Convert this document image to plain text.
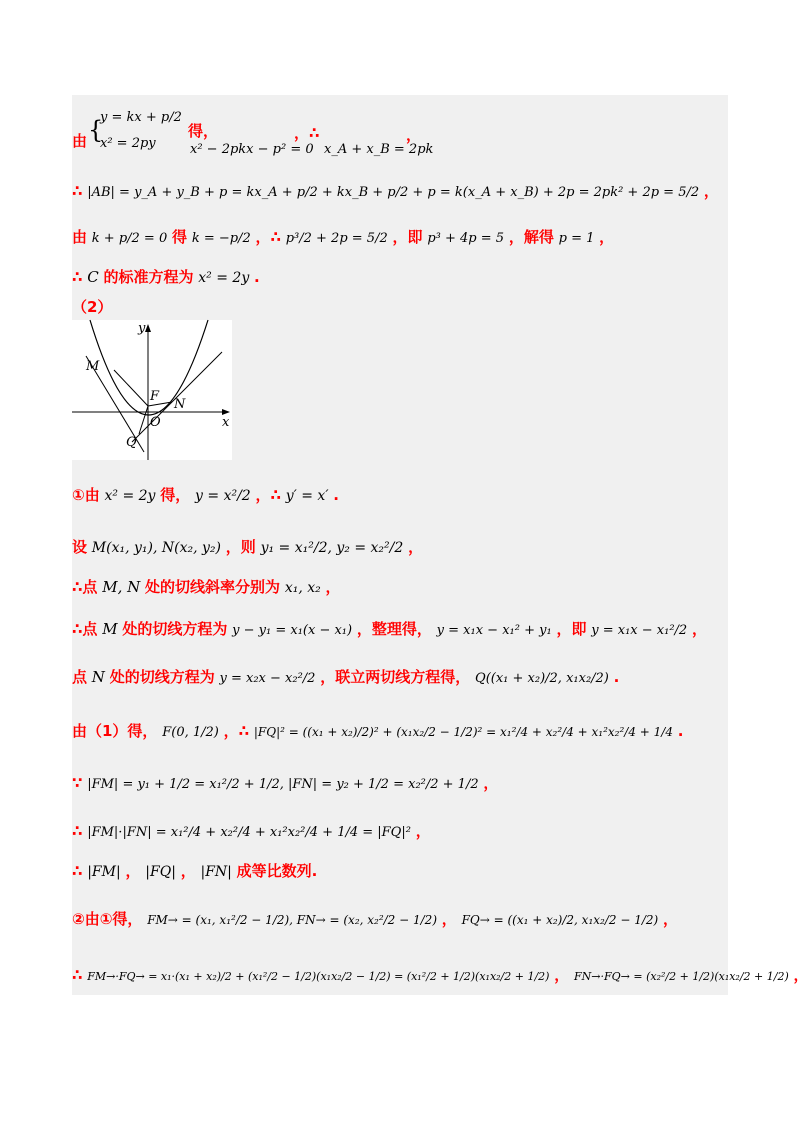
由 {
y = kx + p/2
得，
x² = 2py	x² − 2pkx − p² = 0
，∴
x_A + x_B = 2pk
，
∴ |AB| = y_A + y_B + p = kx_A + p/2 + kx_B + p/2 + p = k(x_A + x_B) + 2p = 2pk² + 2p = 5/2 ，
由 k + p/2 = 0 得 k = −p/2 ，∴ p³/2 + 2p = 5/2 ，即 p³ + 4p = 5 ，解得 p = 1 ，
∴ C 的标准方程为 x² = 2y .
（2）
x
y
M
N
F
O
Q
①由 x² = 2y 得， y = x²/2 ，∴ y′ = x′ .
设 M(x₁, y₁), N(x₂, y₂) ，则 y₁ = x₁²/2, y₂ = x₂²/2 ，
∴点 M, N 处的切线斜率分别为 x₁, x₂ ，
∴点 M 处的切线方程为 y − y₁ = x₁(x − x₁) ，整理得， y = x₁x − x₁² + y₁ ，即 y = x₁x − x₁²/2 ，
点 N 处的切线方程为 y = x₂x − x₂²/2 ，联立两切线方程得， Q((x₁ + x₂)/2, x₁x₂/2) .
由（1）得， F(0, 1/2) ，∴ |FQ|² = ((x₁ + x₂)/2)² + (x₁x₂/2 − 1/2)² = x₁²/4 + x₂²/4 + x₁²x₂²/4 + 1/4 .
∵ |FM| = y₁ + 1/2 = x₁²/2 + 1/2, |FN| = y₂ + 1/2 = x₂²/2 + 1/2 ，
∴ |FM|·|FN| = x₁²/4 + x₂²/4 + x₁²x₂²/4 + 1/4 = |FQ|² ，
∴ |FM| ， |FQ| ， |FN| 成等比数列.
②由①得， FM→ = (x₁, x₁²/2 − 1/2), FN→ = (x₂, x₂²/2 − 1/2) ， FQ→ = ((x₁ + x₂)/2, x₁x₂/2 − 1/2) ，
∴ FM→·FQ→ = x₁·(x₁ + x₂)/2 + (x₁²/2 − 1/2)(x₁x₂/2 − 1/2) = (x₁²/2 + 1/2)(x₁x₂/2 + 1/2) ， FN→·FQ→ = (x₂²/2 + 1/2)(x₁x₂/2 + 1/2) ，
